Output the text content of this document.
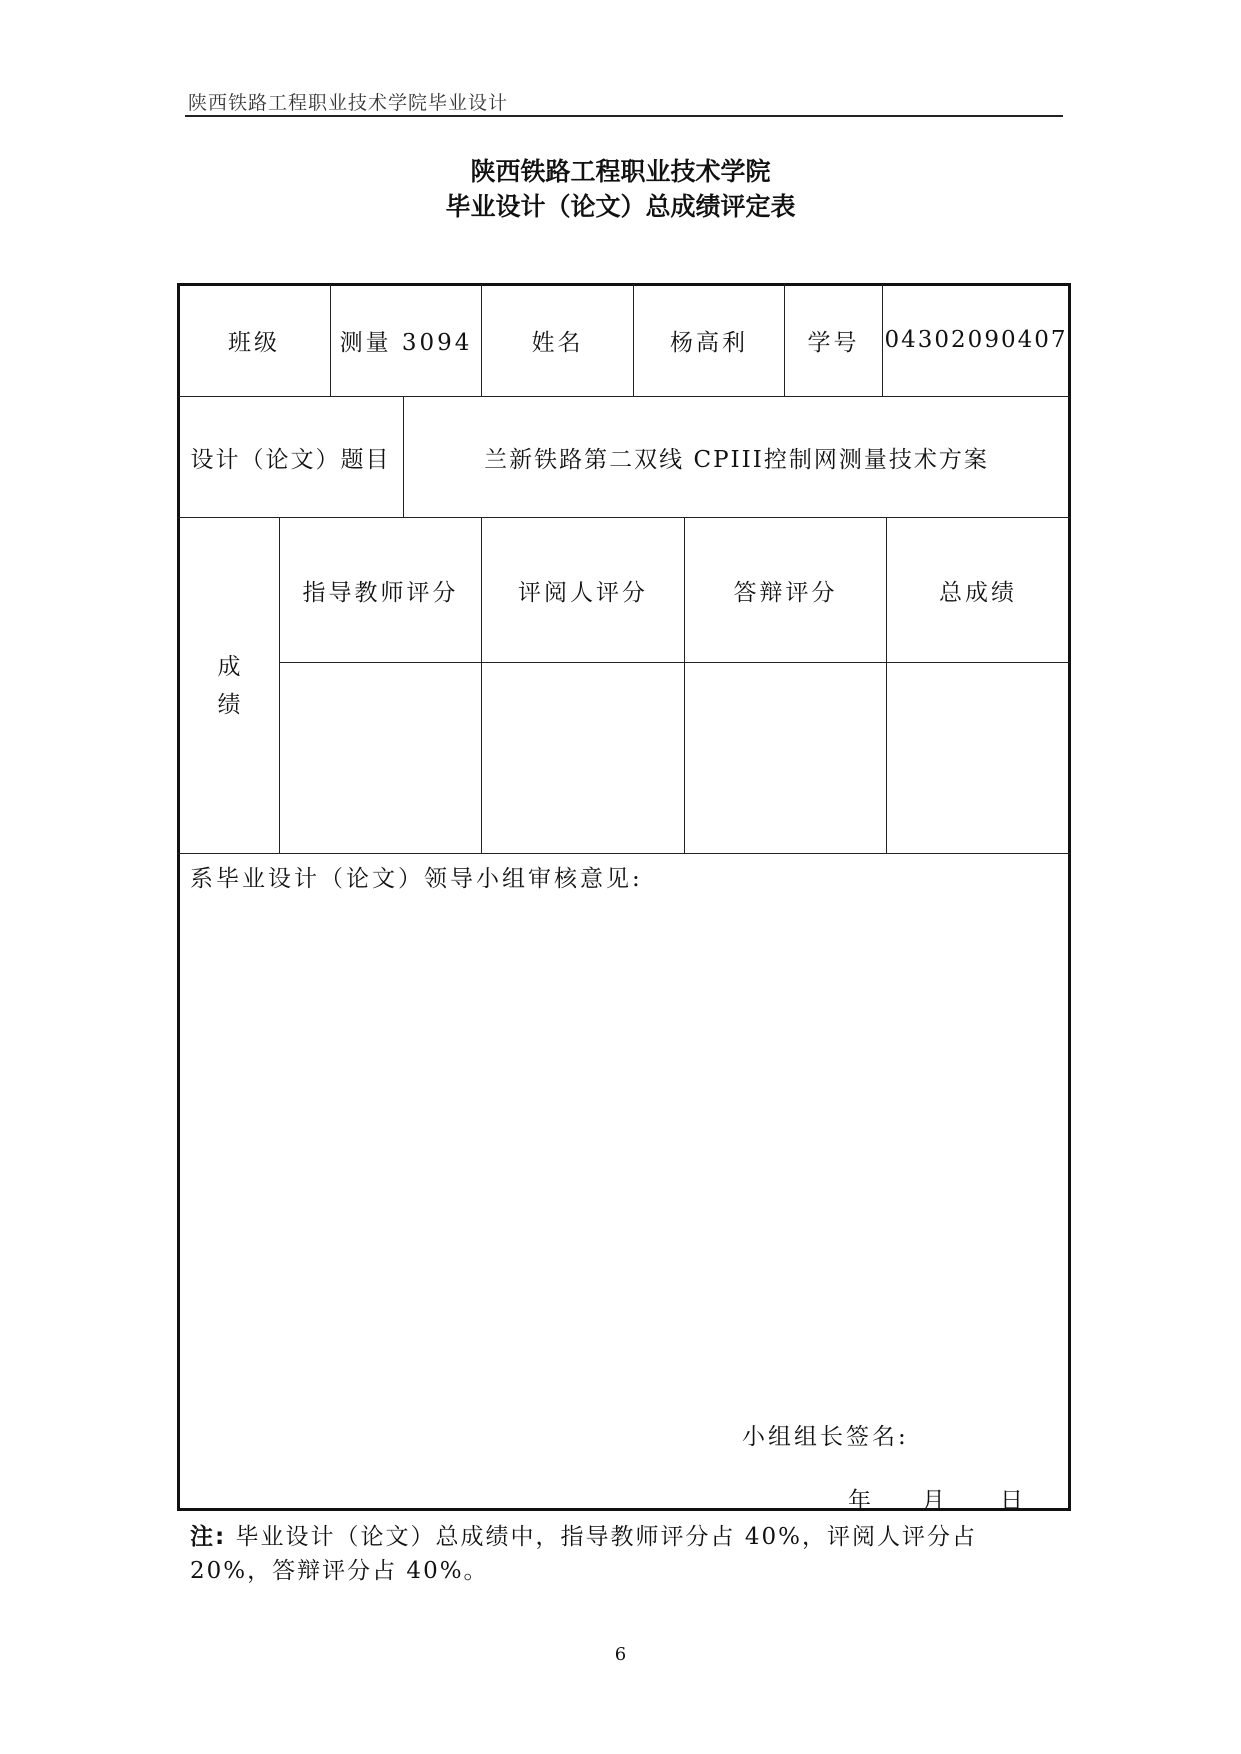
陕西铁路工程职业技术学院毕业设计
陕西铁路工程职业技术学院
毕业设计（论文）总成绩评定表
班级	测量 3094	姓名	杨高利	学号	04302090407
设计（论文）题目	兰新铁路第二双线 CPIII控制网测量技术方案
成
绩
指导教师评分	评阅人评分	答辩评分	总成绩
系毕业设计（论文）领导小组审核意见:
小组组长签名:
年 月 日
注: 毕业设计（论文）总成绩中，指导教师评分占 40%，评阅人评分占 20%，答辩评分占 40%。
6
